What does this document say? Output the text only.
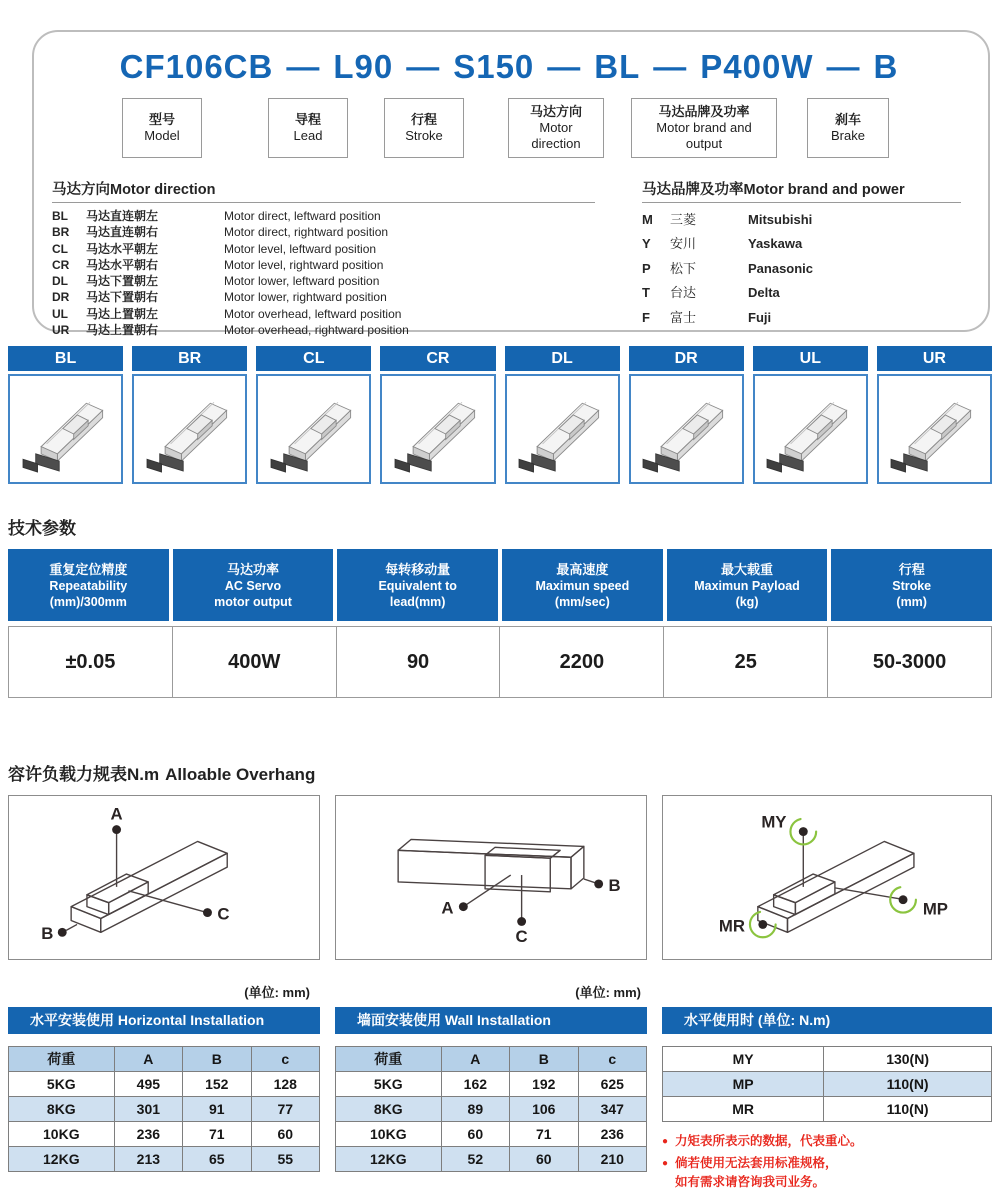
CF106CB — L90 — S150 — BL — P400W — B
型号
Model
导程
Lead
行程
Stroke
马达方向
Motor direction
马达品牌及功率
Motor brand and output
刹车
Brake
马达方向Motor direction
BL	马达直连朝左	Motor direct, leftward position
BR	马达直连朝右	Motor direct, rightward position
CL	马达水平朝左	Motor level, leftward position
CR	马达水平朝右	Motor level, rightward position
DL	马达下置朝左	Motor lower, leftward position
DR	马达下置朝右	Motor lower, rightward position
UL	马达上置朝左	Motor overhead, leftward position
UR	马达上置朝右	Motor overhead, rightward position
马达品牌及功率Motor brand and power
M	三菱	Mitsubishi
Y	安川	Yaskawa
P	松下	Panasonic
T	台达	Delta
F	富士	Fuji
BL	BR	CL	CR	DL	DR	UL	UR
技术参数
重复定位精度
Repeatability
(mm)/300mm
马达功率
AC Servo
motor output
每转移动量
Equivalent to
lead(mm)
最高速度
Maximun speed
(mm/sec)
最大载重
Maximun Payload
(kg)
行程
Stroke
(mm)
±0.05	400W	90	2200	25	50-3000
容许负载力规表N.m Alloable Overhang
A
C
B
A
B
C
MY
MP
MR
(单位: mm)	(单位: mm)
水平安装使用 Horizontal Installation
荷重	A	B	c
5KG	495	152	128
8KG	301	91	77
10KG	236	71	60
12KG	213	65	55
墙面安装使用 Wall Installation
荷重	A	B	c
5KG	162	192	625
8KG	89	106	347
10KG	60	71	236
12KG	52	60	210
水平使用时 (单位: N.m)
MY	130(N)
MP	110(N)
MR	110(N)
● 力矩表所表示的数据，代表重心。
● 倘若使用无法套用标准规格，
如有需求请咨询我司业务。
